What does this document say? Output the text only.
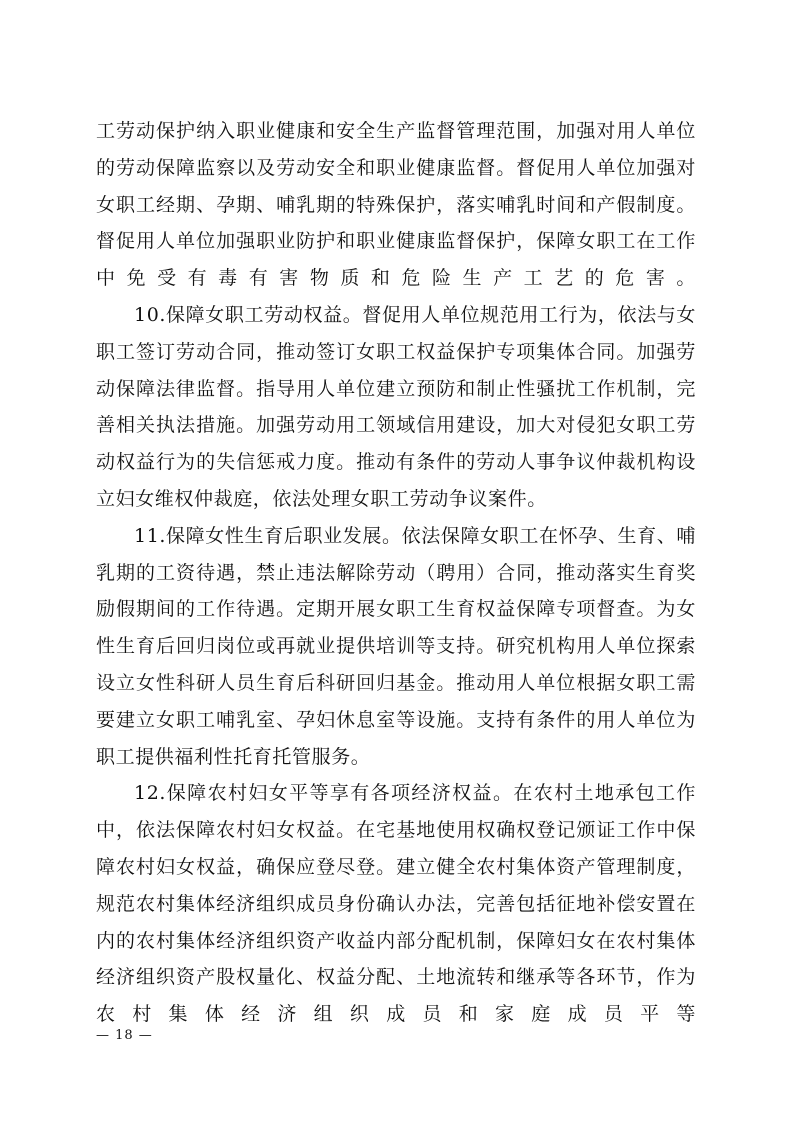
工劳动保护纳入职业健康和安全生产监督管理范围，加强对用人单位的劳动保障监察以及劳动安全和职业健康监督。督促用人单位加强对女职工经期、孕期、哺乳期的特殊保护，落实哺乳时间和产假制度。督促用人单位加强职业防护和职业健康监督保护，保障女职工在工作中免受有毒有害物质和危险生产工艺的危害。

10.保障女职工劳动权益。督促用人单位规范用工行为，依法与女职工签订劳动合同，推动签订女职工权益保护专项集体合同。加强劳动保障法律监督。指导用人单位建立预防和制止性骚扰工作机制，完善相关执法措施。加强劳动用工领域信用建设，加大对侵犯女职工劳动权益行为的失信惩戒力度。推动有条件的劳动人事争议仲裁机构设立妇女维权仲裁庭，依法处理女职工劳动争议案件。

11.保障女性生育后职业发展。依法保障女职工在怀孕、生育、哺乳期的工资待遇，禁止违法解除劳动（聘用）合同，推动落实生育奖励假期间的工作待遇。定期开展女职工生育权益保障专项督查。为女性生育后回归岗位或再就业提供培训等支持。研究机构用人单位探索设立女性科研人员生育后科研回归基金。推动用人单位根据女职工需要建立女职工哺乳室、孕妇休息室等设施。支持有条件的用人单位为职工提供福利性托育托管服务。

12.保障农村妇女平等享有各项经济权益。在农村土地承包工作中，依法保障农村妇女权益。在宅基地使用权确权登记颁证工作中保障农村妇女权益，确保应登尽登。建立健全农村集体资产管理制度，规范农村集体经济组织成员身份确认办法，完善包括征地补偿安置在内的农村集体经济组织资产收益内部分配机制，保障妇女在农村集体经济组织资产股权量化、权益分配、土地流转和继承等各环节，作为农村集体经济组织成员和家庭成员平等

— 18 —
